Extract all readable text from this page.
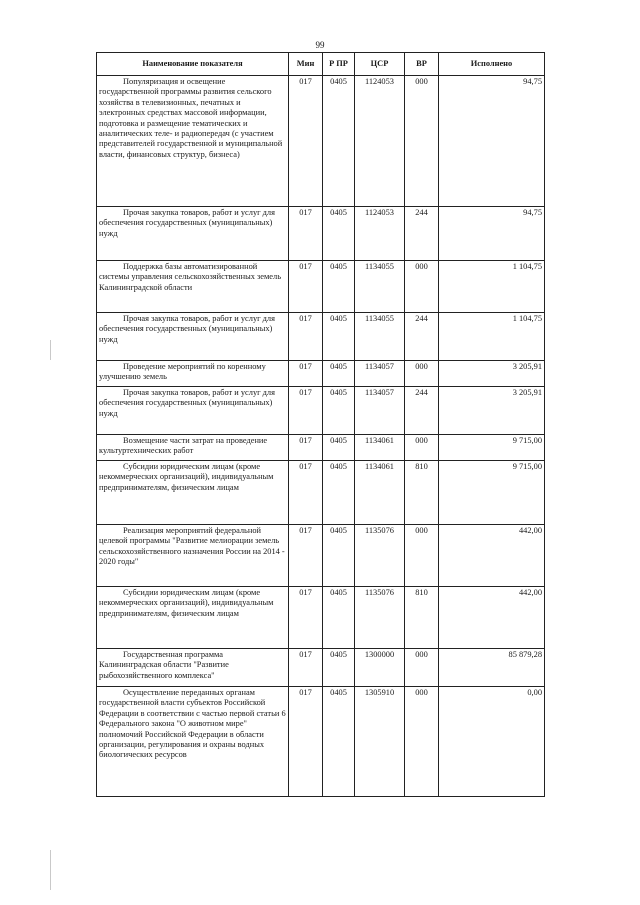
99
Наименование показателя	Мин	Р ПР	ЦСР	ВР	Исполнено
Популяризация и освещение государственной программы развития сельского хозяйства в телевизионных, печатных и электронных средствах массовой информации, подготовка и размещение тематических и аналитических теле- и радиопередач (с участием представителей государственной и муниципальной власти, финансовых структур, бизнеса)	017	0405	1124053	000	94,75
Прочая закупка товаров, работ и услуг для обеспечения государственных (муниципальных) нужд	017	0405	1124053	244	94,75
Поддержка базы автоматизированной системы управления сельскохозяйственных земель Калининградской области	017	0405	1134055	000	1 104,75
Прочая закупка товаров, работ и услуг для обеспечения государственных (муниципальных) нужд	017	0405	1134055	244	1 104,75
Проведение мероприятий по коренному улучшению земель	017	0405	1134057	000	3 205,91
Прочая закупка товаров, работ и услуг для обеспечения государственных (муниципальных) нужд	017	0405	1134057	244	3 205,91
Возмещение части затрат на проведение культуртехнических работ	017	0405	1134061	000	9 715,00
Субсидии юридическим лицам (кроме некоммерческих организаций), индивидуальным предпринимателям, физическим лицам	017	0405	1134061	810	9 715,00
Реализация мероприятий федеральной целевой программы "Развитие мелиорации земель сельскохозяйственного назначения России на 2014 - 2020 годы"	017	0405	1135076	000	442,00
Субсидии юридическим лицам (кроме некоммерческих организаций), индивидуальным предпринимателям, физическим лицам	017	0405	1135076	810	442,00
Государственная программа Калининградская области "Развитие рыбохозяйственного комплекса"	017	0405	1300000	000	85 879,28
Осуществление переданных органам государственной власти субъектов Российской Федерации в соответствии с частью первой статьи 6 Федерального закона "О животном мире" полномочий Российской Федерации в области организации, регулирования и охраны водных биологических ресурсов	017	0405	1305910	000	0,00
